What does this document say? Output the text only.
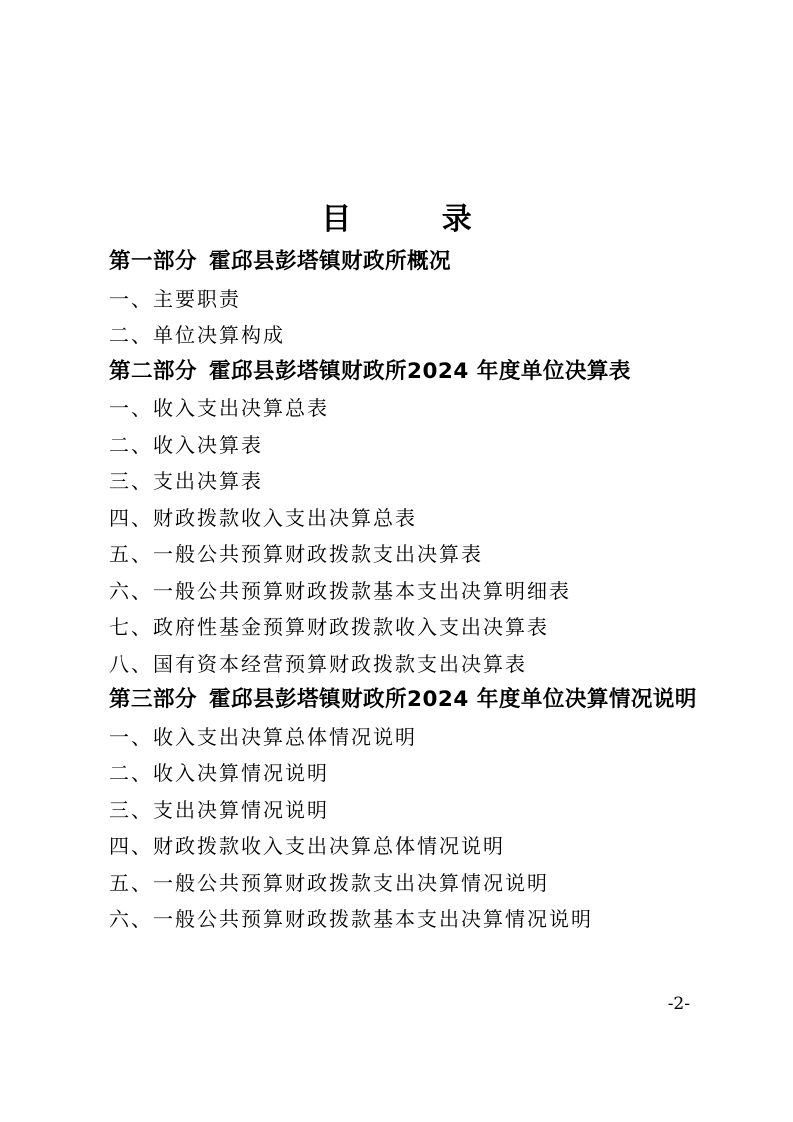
目 录

第一部分 霍邱县彭塔镇财政所概况

一、主要职责
二、单位决算构成

第二部分 霍邱县彭塔镇财政所2024 年度单位决算表

一、收入支出决算总表
二、收入决算表
三、支出决算表
四、财政拨款收入支出决算总表
五、一般公共预算财政拨款支出决算表
六、一般公共预算财政拨款基本支出决算明细表
七、政府性基金预算财政拨款收入支出决算表
八、国有资本经营预算财政拨款支出决算表

第三部分 霍邱县彭塔镇财政所2024 年度单位决算情况说明

一、收入支出决算总体情况说明
二、收入决算情况说明
三、支出决算情况说明
四、财政拨款收入支出决算总体情况说明
五、一般公共预算财政拨款支出决算情况说明
六、一般公共预算财政拨款基本支出决算情况说明
-2-
